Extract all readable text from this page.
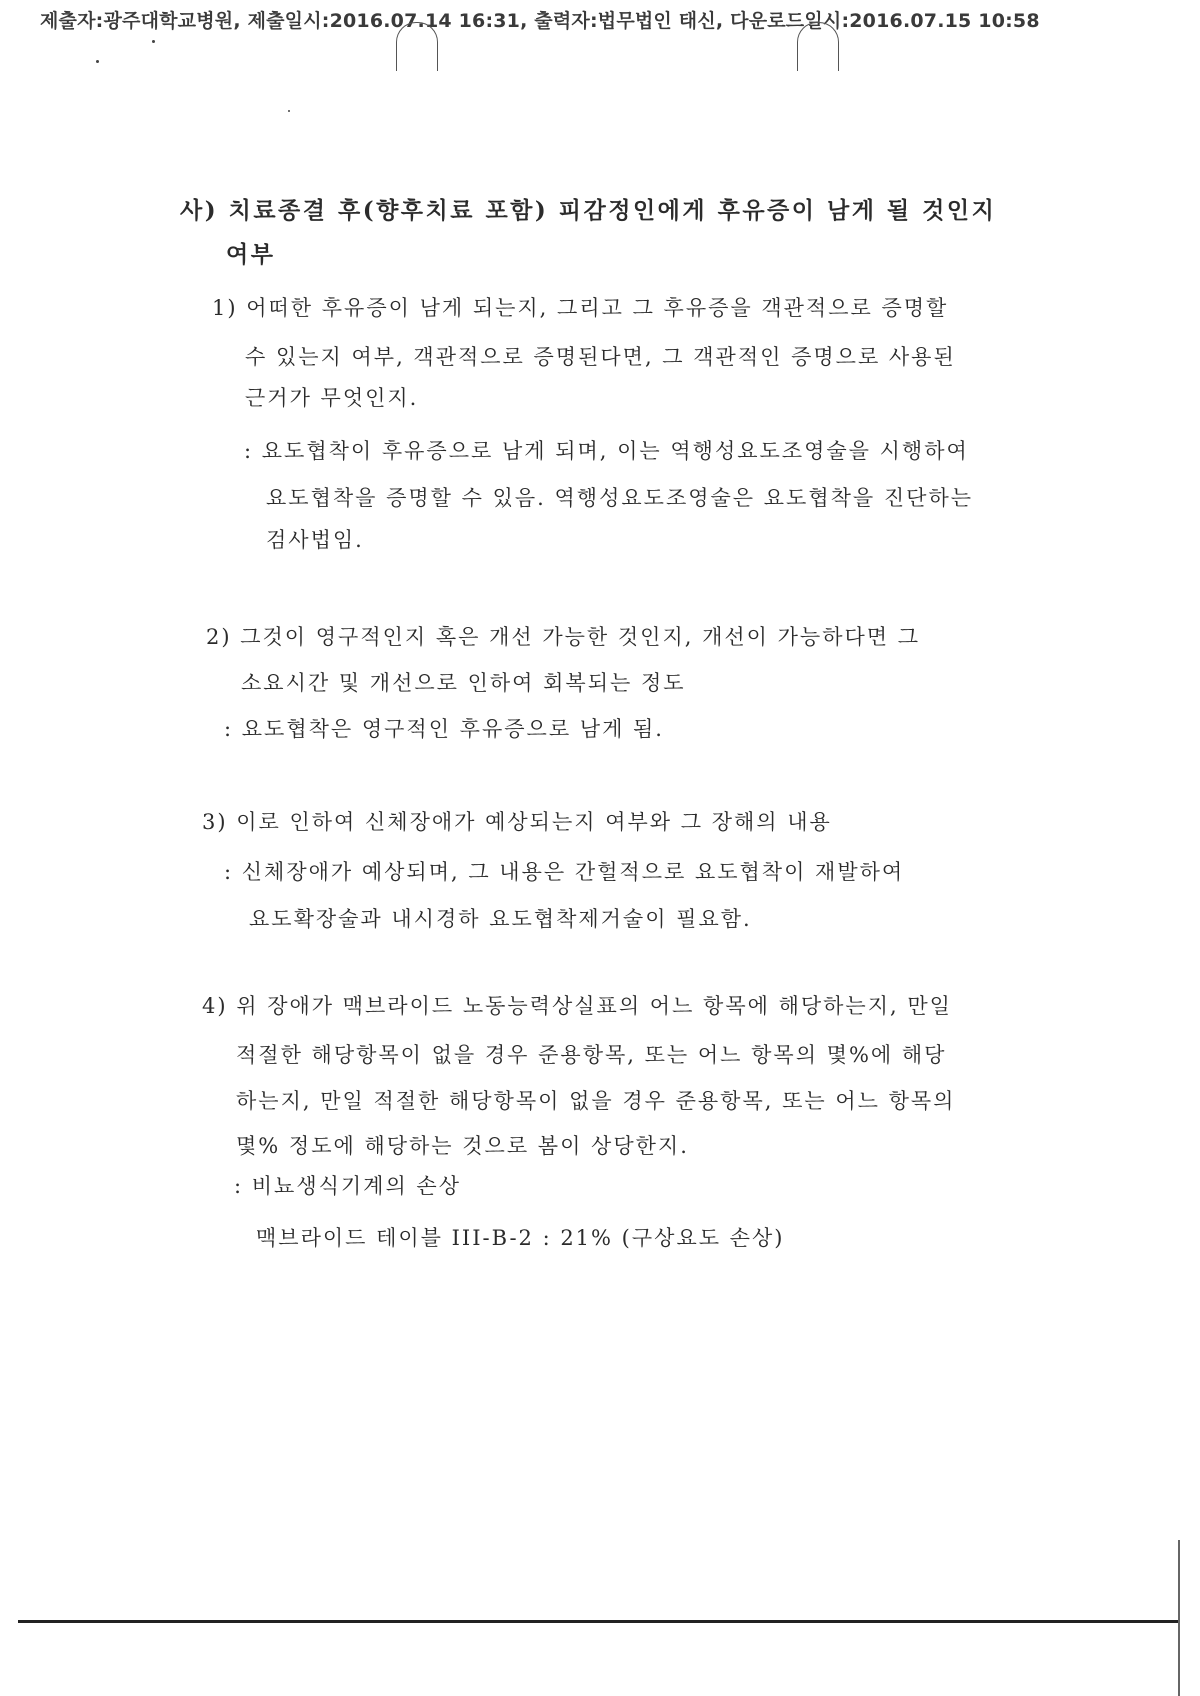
제출자:광주대학교병원, 제출일시:2016.07.14 16:31, 출력자:법무법인 태신, 다운로드일시:2016.07.15 10:58
사) 치료종결 후(향후치료 포함) 피감정인에게 후유증이 남게 될 것인지
여부
1) 어떠한 후유증이 남게 되는지, 그리고 그 후유증을 객관적으로 증명할
수 있는지 여부, 객관적으로 증명된다면, 그 객관적인 증명으로 사용된
근거가 무엇인지.
: 요도협착이 후유증으로 남게 되며, 이는 역행성요도조영술을 시행하여
요도협착을 증명할 수 있음. 역행성요도조영술은 요도협착을 진단하는
검사법임.
2) 그것이 영구적인지 혹은 개선 가능한 것인지, 개선이 가능하다면 그
소요시간 및 개선으로 인하여 회복되는 정도
: 요도협착은 영구적인 후유증으로 남게 됨.
3) 이로 인하여 신체장애가 예상되는지 여부와 그 장해의 내용
: 신체장애가 예상되며, 그 내용은 간헐적으로 요도협착이 재발하여
요도확장술과 내시경하 요도협착제거술이 필요함.
4) 위 장애가 맥브라이드 노동능력상실표의 어느 항목에 해당하는지, 만일
적절한 해당항목이 없을 경우 준용항목, 또는 어느 항목의 몇%에 해당
하는지, 만일 적절한 해당항목이 없을 경우 준용항목, 또는 어느 항목의
몇% 정도에 해당하는 것으로 봄이 상당한지.
: 비뇨생식기계의 손상
맥브라이드 테이블 III-B-2 : 21% (구상요도 손상)
